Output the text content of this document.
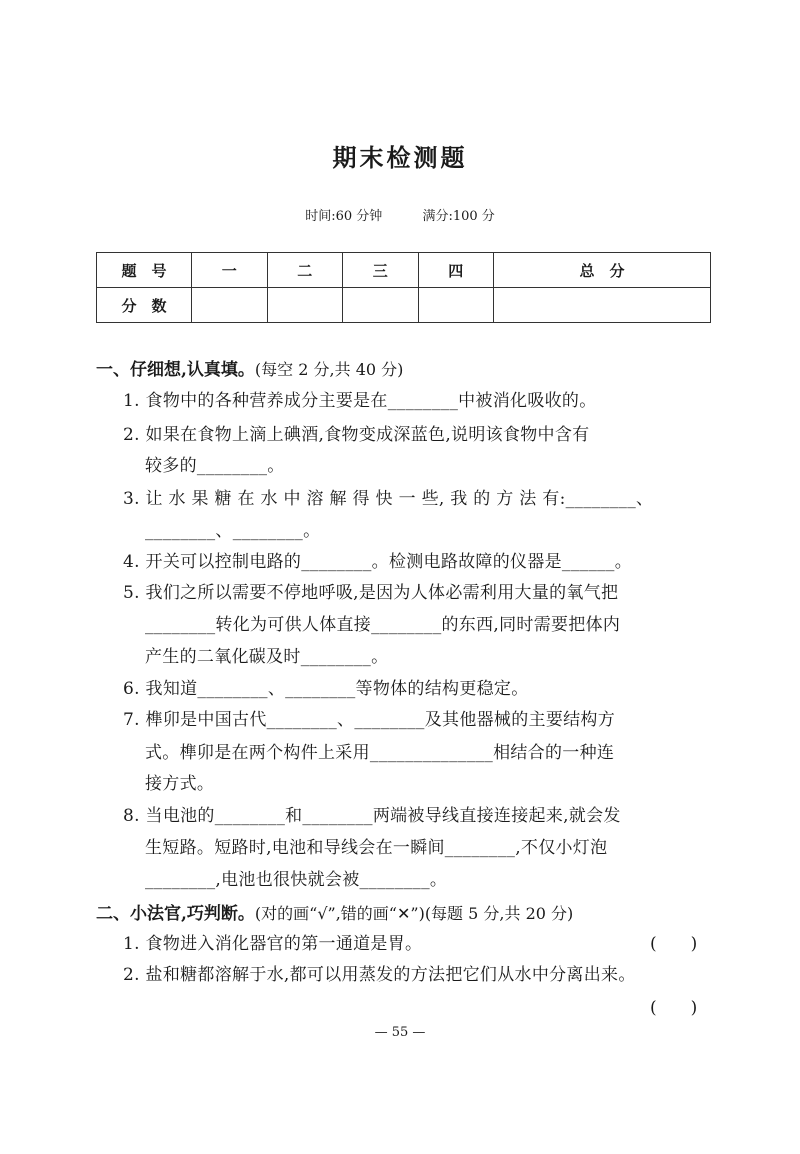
期末检测题
时间:60 分钟	满分:100 分
题　号	一	二	三	四	总　分
分　数					
一、仔细想,认真填。(每空 2 分,共 40 分)
1. 食物中的各种营养成分主要是在________中被消化吸收的。
2. 如果在食物上滴上碘酒,食物变成深蓝色,说明该食物中含有
较多的________。
3. 让 水 果 糖 在 水 中 溶 解 得 快 一 些, 我 的 方 法 有:________、
________、________。
4. 开关可以控制电路的________。检测电路故障的仪器是______。
5. 我们之所以需要不停地呼吸,是因为人体必需利用大量的氧气把
________转化为可供人体直接________的东西,同时需要把体内
产生的二氧化碳及时________。
6. 我知道________、________等物体的结构更稳定。
7. 榫卯是中国古代________、________及其他器械的主要结构方
式。榫卯是在两个构件上采用______________相结合的一种连
接方式。
8. 当电池的________和________两端被导线直接连接起来,就会发
生短路。短路时,电池和导线会在一瞬间________,不仅小灯泡
________,电池也很快就会被________。
二、小法官,巧判断。(对的画“√”,错的画“✕”)(每题 5 分,共 20 分)
1. 食物进入消化器官的第一通道是胃。	(　　)
2. 盐和糖都溶解于水,都可以用蒸发的方法把它们从水中分离出来。
(　　)
— 55 —
